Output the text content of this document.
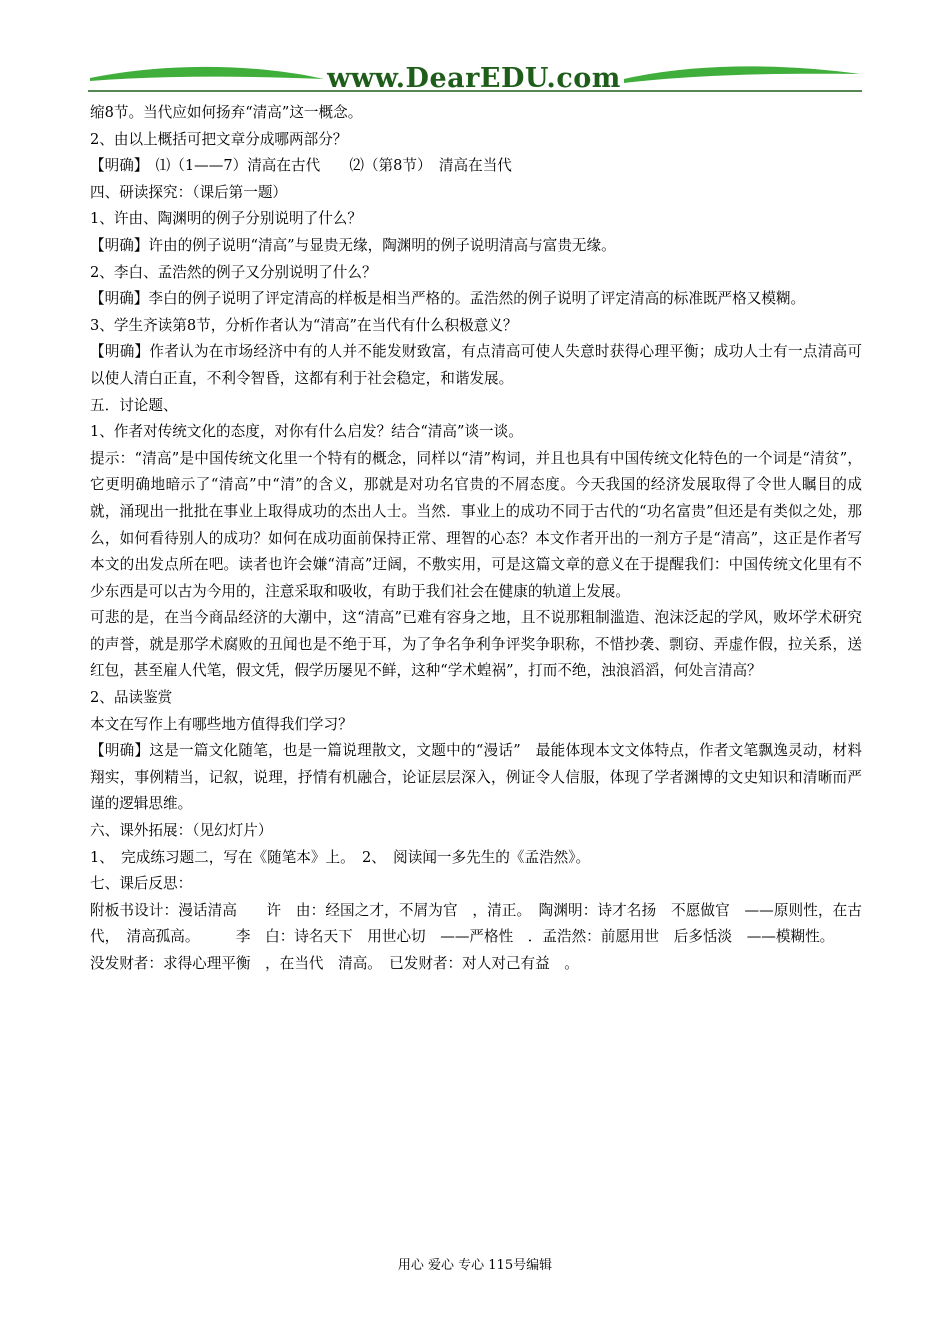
www.DearEDU.com

缩8节。当代应如何扬弃“清高”这一概念。

2、由以上概括可把文章分成哪两部分？

【明确】　⑴（1——7）清高在古代　　⑵（第8节）　清高在当代

四、研读探究：（课后第一题）

1、许由、陶渊明的例子分别说明了什么？

【明确】许由的例子说明“清高”与显贵无缘，陶渊明的例子说明清高与富贵无缘。

2、李白、孟浩然的例子又分别说明了什么？

【明确】李白的例子说明了评定清高的样板是相当严格的。孟浩然的例子说明了评定清高的标准既严格又模糊。

3、学生齐读第8节，分析作者认为“清高”在当代有什么积极意义？

【明确】作者认为在市场经济中有的人并不能发财致富，有点清高可使人失意时获得心理平衡；成功人士有一点清高可以使人清白正直，不利令智昏，这都有利于社会稳定，和谐发展。

五．讨论题、

1、作者对传统文化的态度，对你有什么启发？结合“清高”谈一谈。

提示：“清高”是中国传统文化里一个特有的概念，同样以“清”构词，并且也具有中国传统文化特色的一个词是“清贫”，它更明确地暗示了“清高”中“清”的含义，那就是对功名官贵的不屑态度。今天我国的经济发展取得了令世人瞩目的成就，涌现出一批批在事业上取得成功的杰出人士。当然．事业上的成功不同于古代的“功名富贵”但还是有类似之处，那么，如何看待别人的成功？如何在成功面前保持正常、理智的心态？本文作者开出的一剂方子是“清高”，这正是作者写本文的出发点所在吧。读者也许会嫌“清高”迂阔，不敷实用，可是这篇文章的意义在于提醒我们：中国传统文化里有不少东西是可以古为今用的，注意采取和吸收，有助于我们社会在健康的轨道上发展。

可悲的是，在当今商品经济的大潮中，这“清高”已难有容身之地，且不说那粗制滥造、泡沫泛起的学风，败坏学术研究的声誉，就是那学术腐败的丑闻也是不绝于耳，为了争名争利争评奖争职称，不惜抄袭、剽窃、弄虚作假，拉关系，送红包，甚至雇人代笔，假文凭，假学历屡见不鲜，这种“学术蝗祸”，打而不绝，浊浪滔滔，何处言清高？

2、品读鉴赏

本文在写作上有哪些地方值得我们学习？

【明确】这是一篇文化随笔，也是一篇说理散文，文题中的“漫话”　最能体现本文文体特点，作者文笔飘逸灵动，材料翔实，事例精当，记叙，说理，抒情有机融合，论证层层深入，例证令人信服，体现了学者渊博的文史知识和清晰而严谨的逻辑思维。

六、课外拓展：（见幻灯片）

1、　完成练习题二，写在《随笔本》上。　2、　阅读闻一多先生的《孟浩然》。

七、课后反思：

附板书设计：漫话清高　　许　由：经国之才，不屑为官　，清正。　陶渊明：诗才名扬　不愿做官　——原则性，在古代，　清高孤高。　　　李　白：诗名天下　用世心切　——严格性　．孟浩然：前愿用世　后多恬淡　——模糊性。

没发财者：求得心理平衡　，在当代　清高。　已发财者：对人对己有益　。

用心 爱心 专心 115号编辑
